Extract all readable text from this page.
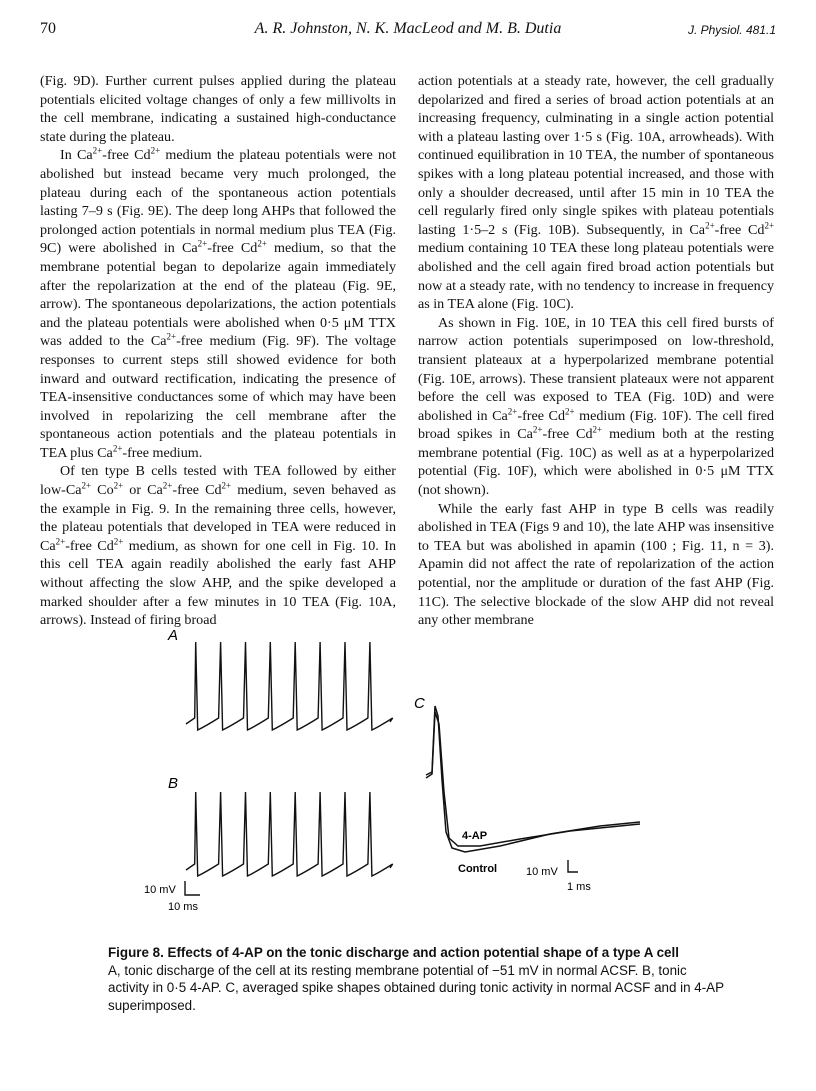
70	A. R. Johnston, N. K. MacLeod and M. B. Dutia	J. Physiol. 481.1

(Fig. 9D). Further current pulses applied during the plateau potentials elicited voltage changes of only a few millivolts in the cell membrane, indicating a sustained high-conductance state during the plateau.

In $Ca^{2+}$-free $Cd^{2+}$ medium the plateau potentials were not abolished but instead became very much prolonged, the plateau during each of the spontaneous action potentials lasting 7–9 s (Fig. 9E). The deep long AHPs that followed the prolonged action potentials in normal medium plus TEA (Fig. 9C) were abolished in $Ca^{2+}$-free $Cd^{2+}$ medium, so that the membrane potential began to depolarize again immediately after the repolarization at the end of the plateau (Fig. 9E, arrow). The spontaneous depolarizations, the action potentials and the plateau potentials were abolished when 0·5 μM TTX was added to the $Ca^{2+}$-free medium (Fig. 9F). The voltage responses to current steps still showed evidence for both inward and outward rectification, indicating the presence of TEA-insensitive conductances some of which may have been involved in repolarizing the cell membrane after the spontaneous action potentials and the plateau potentials in TEA plus $Ca^{2+}$-free medium.

Of ten type B cells tested with TEA followed by either low-$Ca^{2+}$ $Co^{2+}$ or $Ca^{2+}$-free $Cd^{2+}$ medium, seven behaved as the example in Fig. 9. In the remaining three cells, however, the plateau potentials that developed in TEA were reduced in $Ca^{2+}$-free $Cd^{2+}$ medium, as shown for one cell in Fig. 10. In this cell TEA again readily abolished the early fast AHP without affecting the slow AHP, and the spike developed a marked shoulder after a few minutes in 10 TEA (Fig. 10A, arrows). Instead of firing broad

action potentials at a steady rate, however, the cell gradually depolarized and fired a series of broad action potentials at an increasing frequency, culminating in a single action potential with a plateau lasting over 1·5 s (Fig. 10A, arrowheads). With continued equilibration in 10 TEA, the number of spontaneous spikes with a long plateau potential increased, and those with only a shoulder decreased, until after 15 min in 10 TEA the cell regularly fired only single spikes with plateau potentials lasting 1·5–2 s (Fig. 10B). Subsequently, in $Ca^{2+}$-free $Cd^{2+}$ medium containing 10 TEA these long plateau potentials were abolished and the cell again fired broad action potentials but now at a steady rate, with no tendency to increase in frequency as in TEA alone (Fig. 10C).

As shown in Fig. 10E, in 10 TEA this cell fired bursts of narrow action potentials superimposed on low-threshold, transient plateaux at a hyperpolarized membrane potential (Fig. 10E, arrows). These transient plateaux were not apparent before the cell was exposed to TEA (Fig. 10D) and were abolished in $Ca^{2+}$-free $Cd^{2+}$ medium (Fig. 10F). The cell fired broad spikes in $Ca^{2+}$-free $Cd^{2+}$ medium both at the resting membrane potential (Fig. 10C) as well as at a hyperpolarized potential (Fig. 10F), which were abolished in 0·5 μM TTX (not shown).

While the early fast AHP in type B cells was readily abolished in TEA (Figs 9 and 10), the late AHP was insensitive to TEA but was abolished in apamin (100 ; Fig. 11, n = 3). Apamin did not affect the rate of repolarization of the action potential, nor the amplitude or duration of the fast AHP (Fig. 11C). The selective blockade of the slow AHP did not reveal any other membrane

A
B
C
10 mV
10 ms
4-AP
Control	10 mV
1 ms
Figure 8. Effects of 4-AP on the tonic discharge and action potential shape of a type A cell
A, tonic discharge of the cell at its resting membrane potential of −51 mV in normal ACSF. B, tonic activity in 0·5 4-AP. C, averaged spike shapes obtained during tonic activity in normal ACSF and in 4-AP superimposed.
